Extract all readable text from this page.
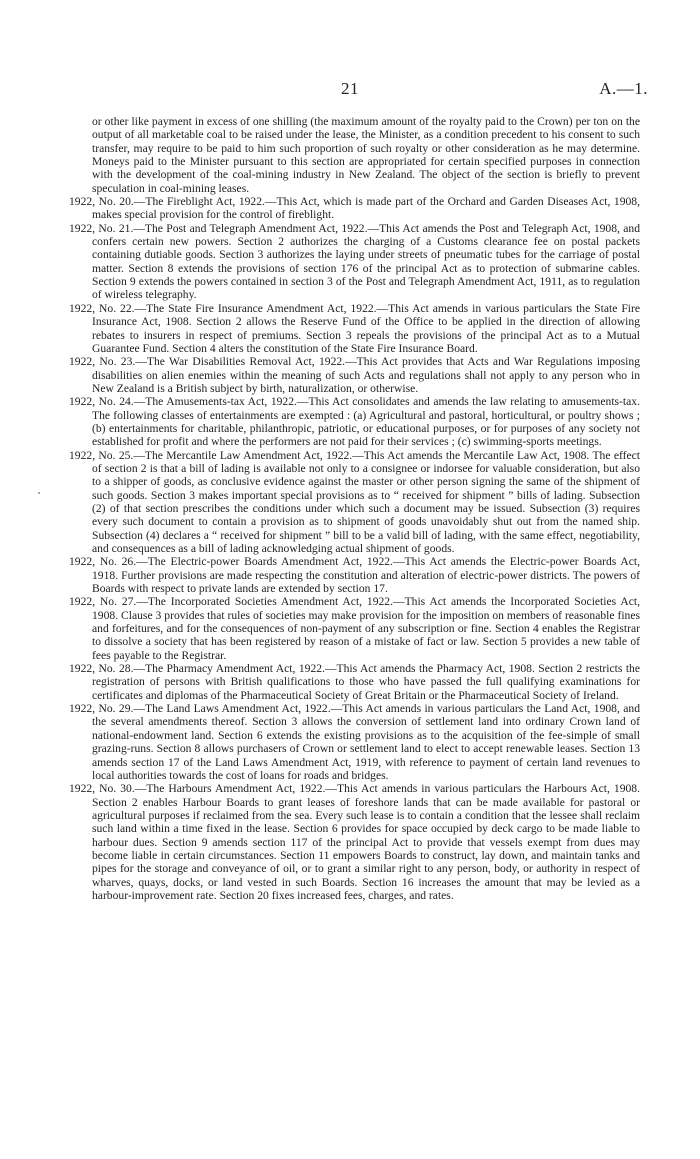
21	A.—1.

or other like payment in excess of one shilling (the maximum amount of the royalty paid to the Crown) per ton on the output of all marketable coal to be raised under the lease, the Minister, as a condition precedent to his consent to such transfer, may require to be paid to him such proportion of such royalty or other consideration as he may determine. Moneys paid to the Minister pursuant to this section are appropriated for certain specified purposes in connection with the development of the coal-mining industry in New Zealand. The object of the section is briefly to prevent speculation in coal-mining leases.

1922, No. 20.—The Fireblight Act, 1922.—This Act, which is made part of the Orchard and Garden Diseases Act, 1908, makes special provision for the control of fireblight.

1922, No. 21.—The Post and Telegraph Amendment Act, 1922.—This Act amends the Post and Telegraph Act, 1908, and confers certain new powers. Section 2 authorizes the charging of a Customs clearance fee on postal packets containing dutiable goods. Section 3 authorizes the laying under streets of pneumatic tubes for the carriage of postal matter. Section 8 extends the provisions of section 176 of the principal Act as to protection of submarine cables. Section 9 extends the powers contained in section 3 of the Post and Telegraph Amendment Act, 1911, as to regulation of wireless telegraphy.

1922, No. 22.—The State Fire Insurance Amendment Act, 1922.—This Act amends in various particulars the State Fire Insurance Act, 1908. Section 2 allows the Reserve Fund of the Office to be applied in the direction of allowing rebates to insurers in respect of premiums. Section 3 repeals the provisions of the principal Act as to a Mutual Guarantee Fund. Section 4 alters the constitution of the State Fire Insurance Board.

1922, No. 23.—The War Disabilities Removal Act, 1922.—This Act provides that Acts and War Regulations imposing disabilities on alien enemies within the meaning of such Acts and regulations shall not apply to any person who in New Zealand is a British subject by birth, naturalization, or otherwise.

1922, No. 24.—The Amusements-tax Act, 1922.—This Act consolidates and amends the law relating to amusements-tax. The following classes of entertainments are exempted : (a) Agricultural and pastoral, horticultural, or poultry shows ; (b) entertainments for charitable, philanthropic, patriotic, or educational purposes, or for purposes of any society not established for profit and where the performers are not paid for their services ; (c) swimming-sports meetings.

1922, No. 25.—The Mercantile Law Amendment Act, 1922.—This Act amends the Mercantile Law Act, 1908. The effect of section 2 is that a bill of lading is available not only to a consignee or indorsee for valuable consideration, but also to a shipper of goods, as conclusive evidence against the master or other person signing the same of the shipment of such goods. Section 3 makes important special provisions as to “ received for shipment ” bills of lading. Subsection (2) of that section prescribes the conditions under which such a document may be issued. Subsection (3) requires every such document to contain a provision as to shipment of goods unavoidably shut out from the named ship. Subsection (4) declares a “ received for shipment ” bill to be a valid bill of lading, with the same effect, negotiability, and consequences as a bill of lading acknowledging actual shipment of goods.

1922, No. 26.—The Electric-power Boards Amendment Act, 1922.—This Act amends the Electric-power Boards Act, 1918. Further provisions are made respecting the constitution and alteration of electric-power districts. The powers of Boards with respect to private lands are extended by section 17.

1922, No. 27.—The Incorporated Societies Amendment Act, 1922.—This Act amends the Incorporated Societies Act, 1908. Clause 3 provides that rules of societies may make provision for the imposition on members of reasonable fines and forfeitures, and for the consequences of non-payment of any subscription or fine. Section 4 enables the Registrar to dissolve a society that has been registered by reason of a mistake of fact or law. Section 5 provides a new table of fees payable to the Registrar.

1922, No. 28.—The Pharmacy Amendment Act, 1922.—This Act amends the Pharmacy Act, 1908. Section 2 restricts the registration of persons with British qualifications to those who have passed the full qualifying examinations for certificates and diplomas of the Pharmaceutical Society of Great Britain or the Pharmaceutical Society of Ireland.

1922, No. 29.—The Land Laws Amendment Act, 1922.—This Act amends in various particulars the Land Act, 1908, and the several amendments thereof. Section 3 allows the conversion of settlement land into ordinary Crown land of national-endowment land. Section 6 extends the existing provisions as to the acquisition of the fee-simple of small grazing-runs. Section 8 allows purchasers of Crown or settlement land to elect to accept renewable leases. Section 13 amends section 17 of the Land Laws Amendment Act, 1919, with reference to payment of certain land revenues to local authorities towards the cost of loans for roads and bridges.

1922, No. 30.—The Harbours Amendment Act, 1922.—This Act amends in various particulars the Harbours Act, 1908. Section 2 enables Harbour Boards to grant leases of foreshore lands that can be made available for pastoral or agricultural purposes if reclaimed from the sea. Every such lease is to contain a condition that the lessee shall reclaim such land within a time fixed in the lease. Section 6 provides for space occupied by deck cargo to be made liable to harbour dues. Section 9 amends section 117 of the principal Act to provide that vessels exempt from dues may become liable in certain circumstances. Section 11 empowers Boards to construct, lay down, and maintain tanks and pipes for the storage and conveyance of oil, or to grant a similar right to any person, body, or authority in respect of wharves, quays, docks, or land vested in such Boards. Section 16 increases the amount that may be levied as a harbour-improvement rate. Section 20 fixes increased fees, charges, and rates.
